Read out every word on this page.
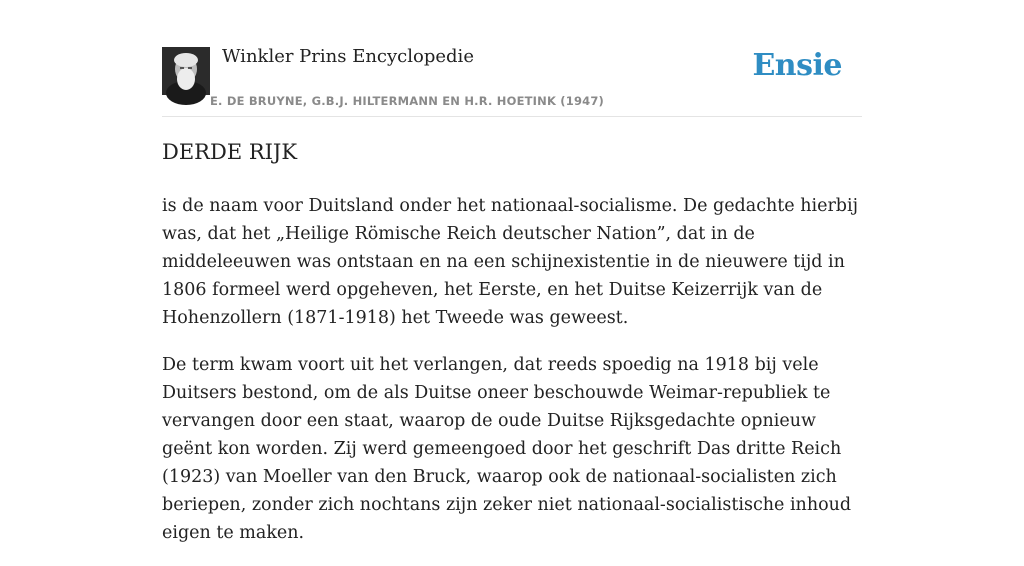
Winkler Prins Encyclopedie
E. DE BRUYNE, G.B.J. HILTERMANN EN H.R. HOETINK (1947)
Ensie
DERDE RIJK

is de naam voor Duitsland onder het nationaal-socialisme. De gedachte hierbij was, dat het „Heilige Römische Reich deutscher Nation”, dat in de middeleeuwen was ontstaan en na een schijnexistentie in de nieuwere tijd in 1806 formeel werd opgeheven, het Eerste, en het Duitse Keizerrijk van de Hohenzollern (1871-1918) het Tweede was geweest.

De term kwam voort uit het verlangen, dat reeds spoedig na 1918 bij vele Duitsers bestond, om de als Duitse oneer beschouwde Weimar-republiek te vervangen door een staat, waarop de oude Duitse Rijksgedachte opnieuw geënt kon worden. Zij werd gemeengoed door het geschrift Das dritte Reich (1923) van Moeller van den Bruck, waarop ook de nationaal-socialisten zich beriepen, zonder zich nochtans zijn zeker niet nationaal-socialistische inhoud eigen te maken.
